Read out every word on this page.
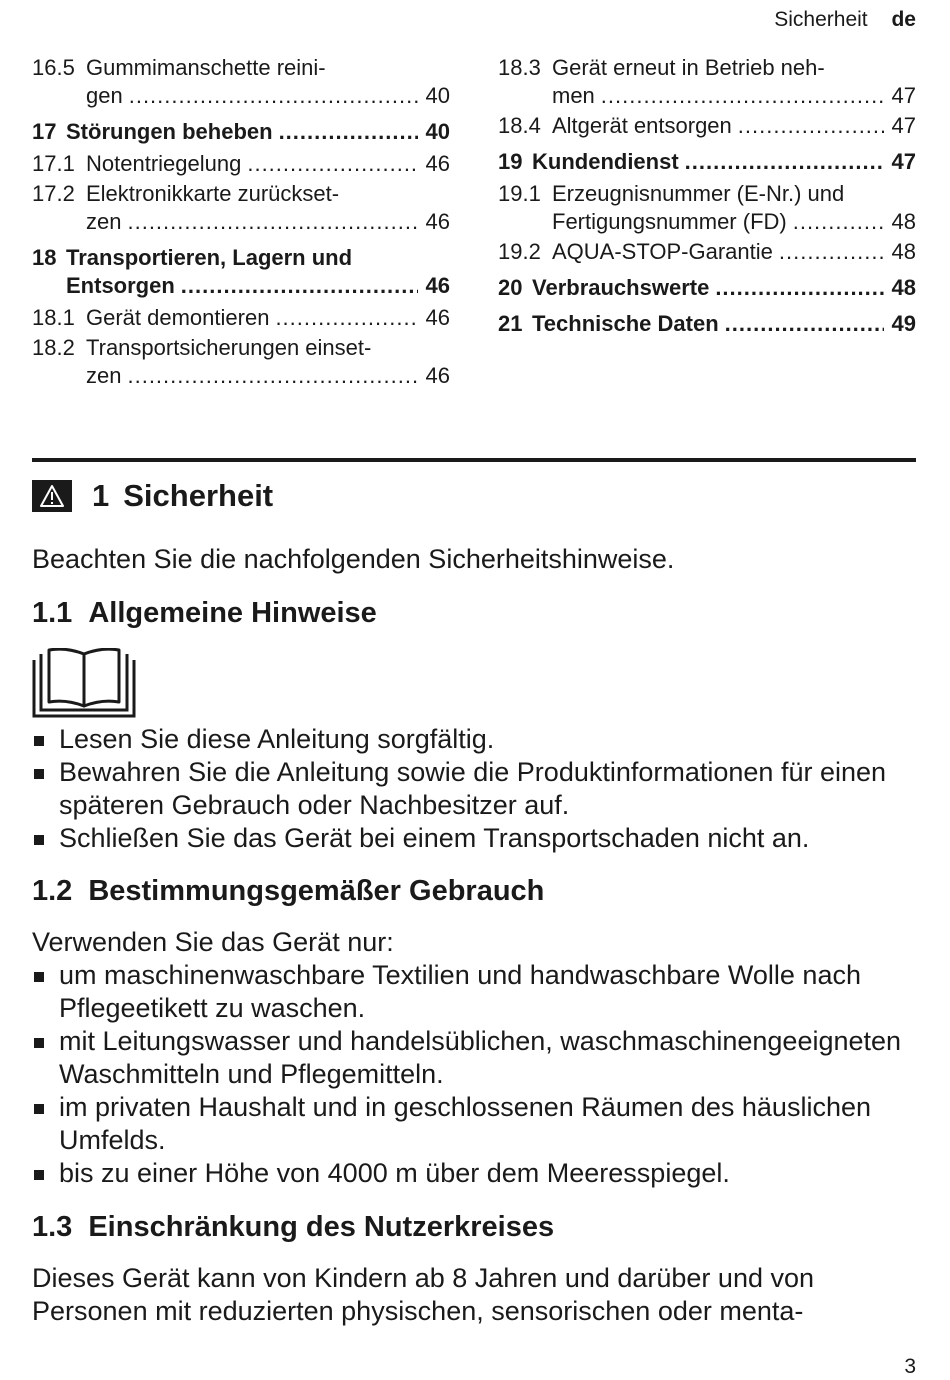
Sicherheit de
16.5 Gummimanschette reini-
gen .....	40
17 Störungen beheben .....	40
17.1 Notentriegelung .....	46
17.2 Elektronikkarte zurückset-
zen .....	46
18 Transportieren, Lagern und
Entsorgen .....	46
18.1 Gerät demontieren .....	46
18.2 Transportsicherungen einset-
zen .....	46
18.3 Gerät erneut in Betrieb neh-
men .....	47
18.4 Altgerät entsorgen .....	47
19 Kundendienst .....	47
19.1 Erzeugnisnummer (E-Nr.) und
Fertigungsnummer (FD) .....	48
19.2 AQUA-STOP-Garantie .....	48
20 Verbrauchswerte .....	48
21 Technische Daten .....	49
1 Sicherheit
Beachten Sie die nachfolgenden Sicherheitshinweise.
1.1 Allgemeine Hinweise
Lesen Sie diese Anleitung sorgfältig.
Bewahren Sie die Anleitung sowie die Produktinformationen für einen späteren Gebrauch oder Nachbesitzer auf.
Schließen Sie das Gerät bei einem Transportschaden nicht an.
1.2 Bestimmungsgemäßer Gebrauch
Verwenden Sie das Gerät nur:
um maschinenwaschbare Textilien und handwaschbare Wolle nach Pflegeetikett zu waschen.
mit Leitungswasser und handelsüblichen, waschmaschinengeeigneten Waschmitteln und Pflegemitteln.
im privaten Haushalt und in geschlossenen Räumen des häuslichen Umfelds.
bis zu einer Höhe von 4000 m über dem Meeresspiegel.
1.3 Einschränkung des Nutzerkreises
Dieses Gerät kann von Kindern ab 8 Jahren und darüber und von Personen mit reduzierten physischen, sensorischen oder menta-
3
